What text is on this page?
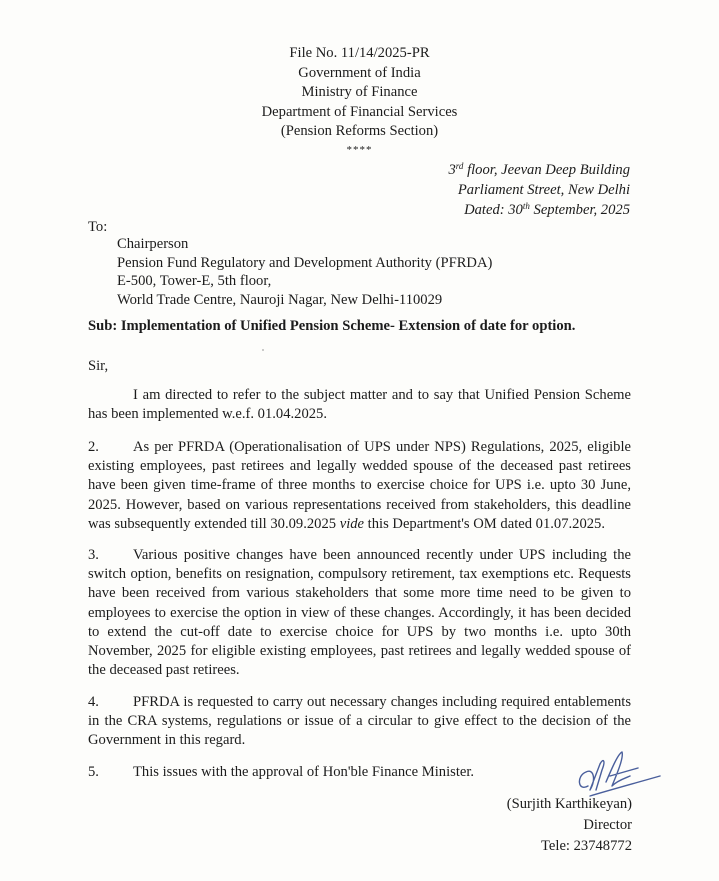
File No. 11/14/2025-PR
Government of India
Ministry of Finance
Department of Financial Services
(Pension Reforms Section)
****
3rd floor, Jeevan Deep Building
Parliament Street, New Delhi
Dated: 30th September, 2025
To:
Chairperson
Pension Fund Regulatory and Development Authority (PFRDA)
E-500, Tower-E, 5th floor,
World Trade Centre, Nauroji Nagar, New Delhi-110029
Sub: Implementation of Unified Pension Scheme- Extension of date for option.
Sir,

I am directed to refer to the subject matter and to say that Unified Pension Scheme has been implemented w.e.f. 01.04.2025.

2. As per PFRDA (Operationalisation of UPS under NPS) Regulations, 2025, eligible existing employees, past retirees and legally wedded spouse of the deceased past retirees have been given time-frame of three months to exercise choice for UPS i.e. upto 30 June, 2025. However, based on various representations received from stakeholders, this deadline was subsequently extended till 30.09.2025 vide this Department's OM dated 01.07.2025.

3. Various positive changes have been announced recently under UPS including the switch option, benefits on resignation, compulsory retirement, tax exemptions etc. Requests have been received from various stakeholders that some more time need to be given to employees to exercise the option in view of these changes. Accordingly, it has been decided to extend the cut-off date to exercise choice for UPS by two months i.e. upto 30th November, 2025 for eligible existing employees, past retirees and legally wedded spouse of the deceased past retirees.

4. PFRDA is requested to carry out necessary changes including required entablements in the CRA systems, regulations or issue of a circular to give effect to the decision of the Government in this regard.

5. This issues with the approval of Hon'ble Finance Minister.

(Surjith Karthikeyan)
Director
Tele: 23748772
